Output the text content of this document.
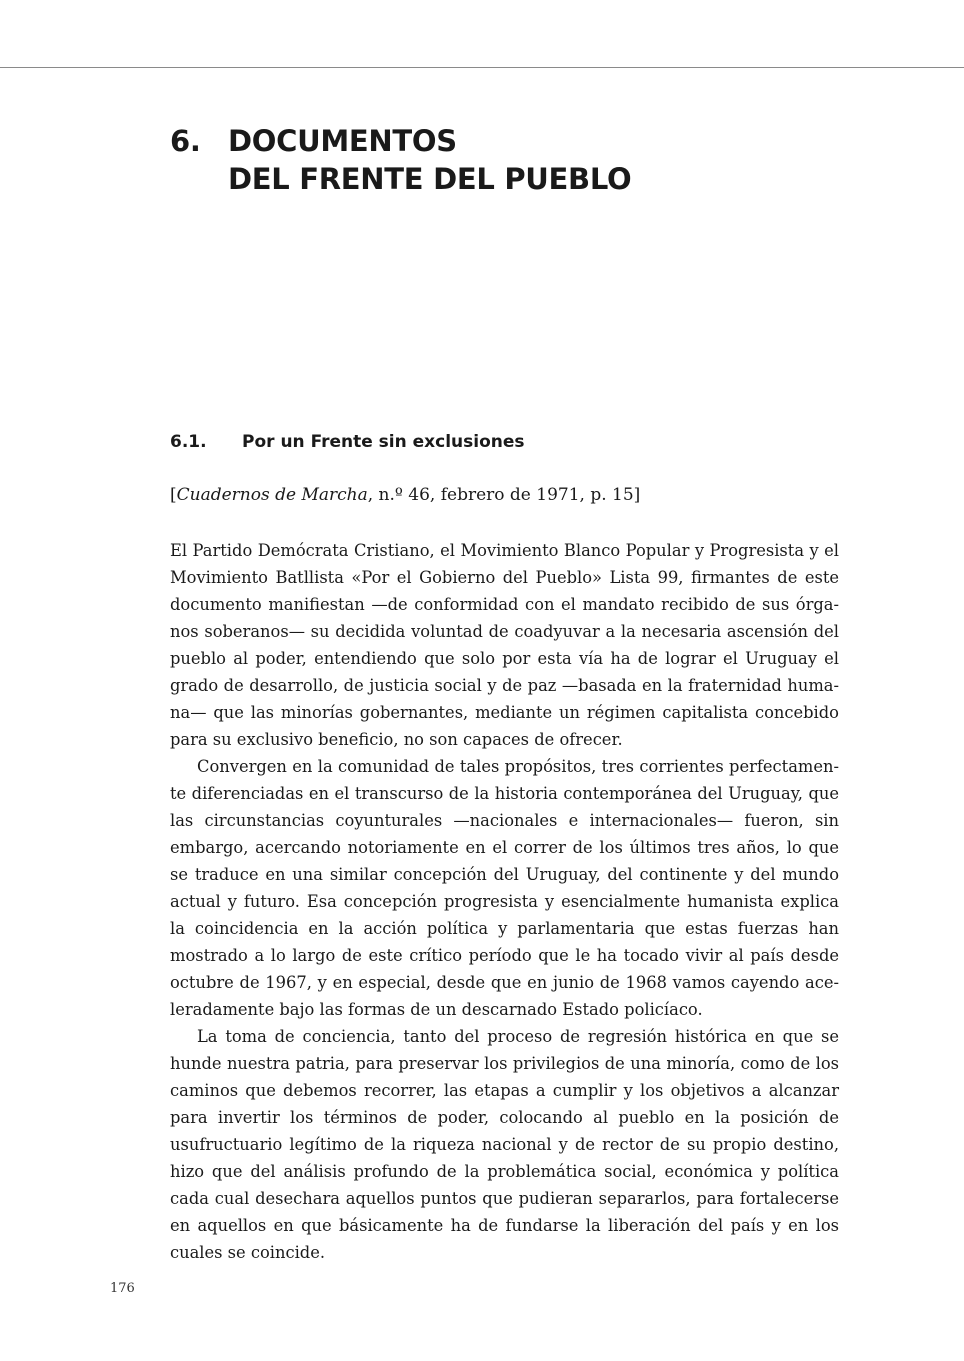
6. DOCUMENTOS
DEL FRENTE DEL PUEBLO
6.1. Por un Frente sin exclusiones
[Cuadernos de Marcha, n.º 46, febrero de 1971, p. 15]

El Partido Demócrata Cristiano, el Movimiento Blanco Popular y Progresista y el Movimiento Batllista «Por el Gobierno del Pueblo» Lista 99, firmantes de este documento manifiestan —de conformidad con el mandato recibido de sus órganos soberanos— su decidida voluntad de coadyuvar a la necesaria ascensión del pueblo al poder, entendiendo que solo por esta vía ha de lograr el Uruguay el grado de desarrollo, de justicia social y de paz —basada en la fraternidad humana— que las minorías gobernantes, mediante un régimen capitalista concebido para su exclusivo beneficio, no son capaces de ofrecer.

Convergen en la comunidad de tales propósitos, tres corrientes perfectamente diferenciadas en el transcurso de la historia contemporánea del Uruguay, que las circunstancias coyunturales —nacionales e internacionales— fueron, sin embargo, acercando notoriamente en el correr de los últimos tres años, lo que se traduce en una similar concepción del Uruguay, del continente y del mundo actual y futuro. Esa concepción progresista y esencialmente humanista explica la coincidencia en la acción política y parlamentaria que estas fuerzas han mostrado a lo largo de este crítico período que le ha tocado vivir al país desde octubre de 1967, y en especial, desde que en junio de 1968 vamos cayendo aceleradamente bajo las formas de un descarnado Estado policíaco.

La toma de conciencia, tanto del proceso de regresión histórica en que se hunde nuestra patria, para preservar los privilegios de una minoría, como de los caminos que debemos recorrer, las etapas a cumplir y los objetivos a alcanzar para invertir los términos de poder, colocando al pueblo en la posición de usufructuario legítimo de la riqueza nacional y de rector de su propio destino, hizo que del análisis profundo de la problemática social, económica y política cada cual desechara aquellos puntos que pudieran separarlos, para fortalecerse en aquellos en que básicamente ha de fundarse la liberación del país y en los cuales se coincide.

176
